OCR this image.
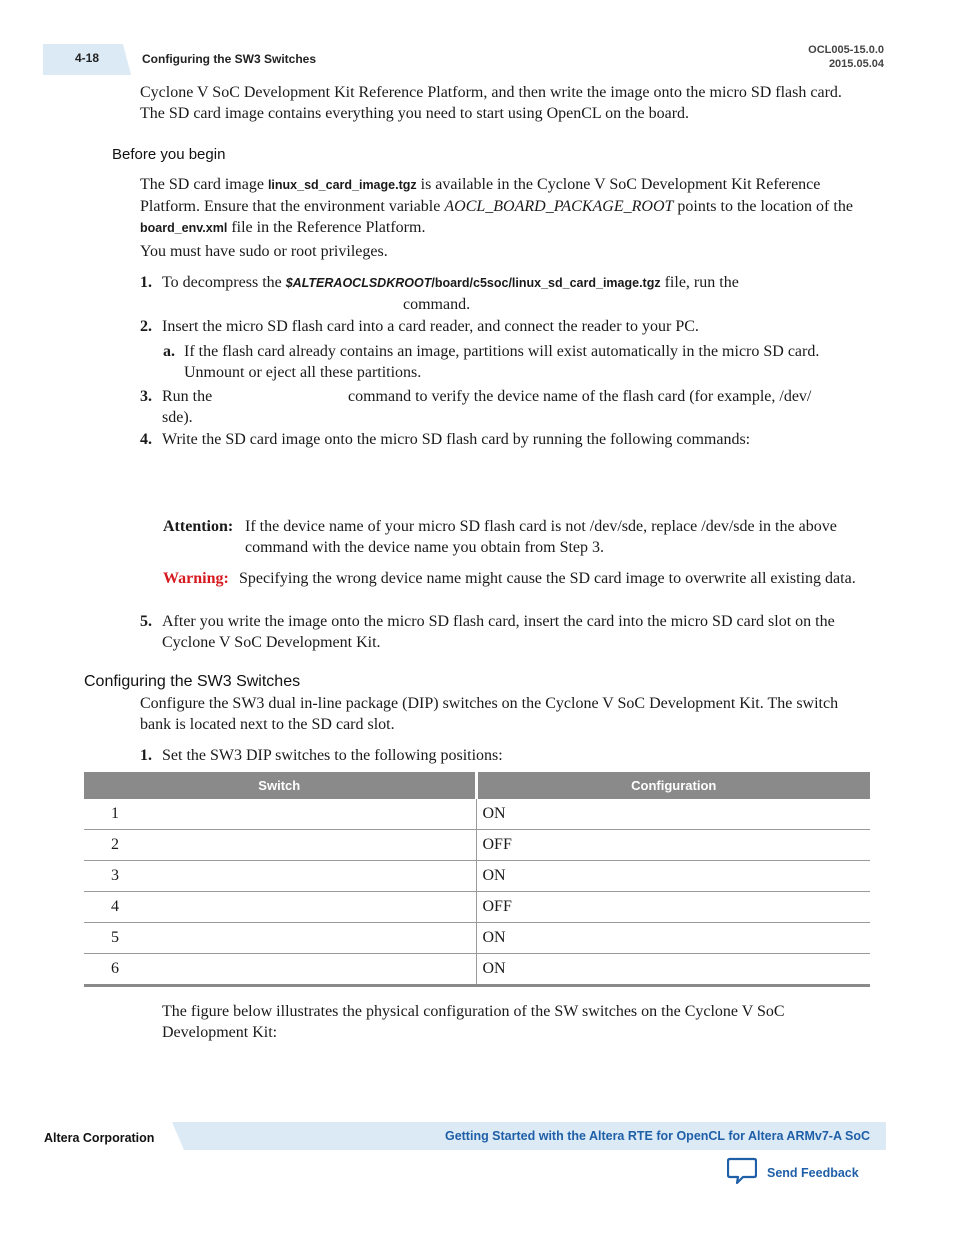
4-18	Configuring the SW3 Switches
OCL005-15.0.0
2015.05.04
Cyclone V SoC Development Kit Reference Platform, and then write the image onto the micro SD flash card. The SD card image contains everything you need to start using OpenCL on the board.
Before you begin
The SD card image linux_sd_card_image.tgz is available in the Cyclone V SoC Development Kit Reference Platform. Ensure that the environment variable AOCL_BOARD_PACKAGE_ROOT points to the location of the board_env.xml file in the Reference Platform.
You must have sudo or root privileges.
1. To decompress the $ALTERAOCLSDKROOT/board/c5soc/linux_sd_card_image.tgz file, run the
command.
2. Insert the micro SD flash card into a card reader, and connect the reader to your PC.
a. If the flash card already contains an image, partitions will exist automatically in the micro SD card. Unmount or eject all these partitions.
3. Run the	command to verify the device name of the flash card (for example, /dev/
sde).
4. Write the SD card image onto the micro SD flash card by running the following commands:
Attention: If the device name of your micro SD flash card is not /dev/sde, replace /dev/sde in the above command with the device name you obtain from Step 3.
Warning: Specifying the wrong device name might cause the SD card image to overwrite all existing data.
5. After you write the image onto the micro SD flash card, insert the card into the micro SD card slot on the Cyclone V SoC Development Kit.
Configuring the SW3 Switches
Configure the SW3 dual in-line package (DIP) switches on the Cyclone V SoC Development Kit. The switch bank is located next to the SD card slot.
1. Set the SW3 DIP switches to the following positions:
Switch	Configuration
1	ON
2	OFF
3	ON
4	OFF
5	ON
6	ON
The figure below illustrates the physical configuration of the SW switches on the Cyclone V SoC Development Kit:
Altera Corporation	Getting Started with the Altera RTE for OpenCL for Altera ARMv7-A SoC
Send Feedback
